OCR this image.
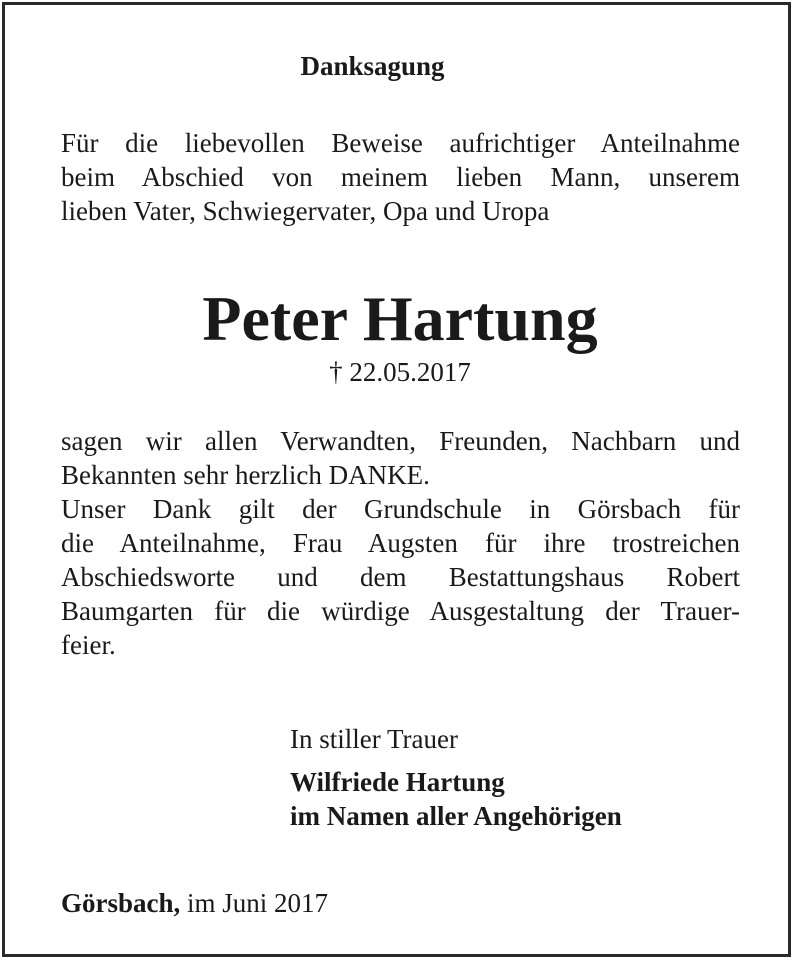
Danksagung
Für die liebevollen Beweise aufrichtiger Anteilnahme
beim Abschied von meinem lieben Mann, unserem
lieben Vater, Schwiegervater, Opa und Uropa
Peter Hartung
† 22.05.2017
sagen wir allen Verwandten, Freunden, Nachbarn und
Bekannten sehr herzlich DANKE.
Unser Dank gilt der Grundschule in Görsbach für
die Anteilnahme, Frau Augsten für ihre trostreichen
Abschiedsworte und dem Bestattungshaus Robert
Baumgarten für die würdige Ausgestaltung der Trauer-
feier.
In stiller Trauer
Wilfriede Hartung
im Namen aller Angehörigen
Görsbach, im Juni 2017
